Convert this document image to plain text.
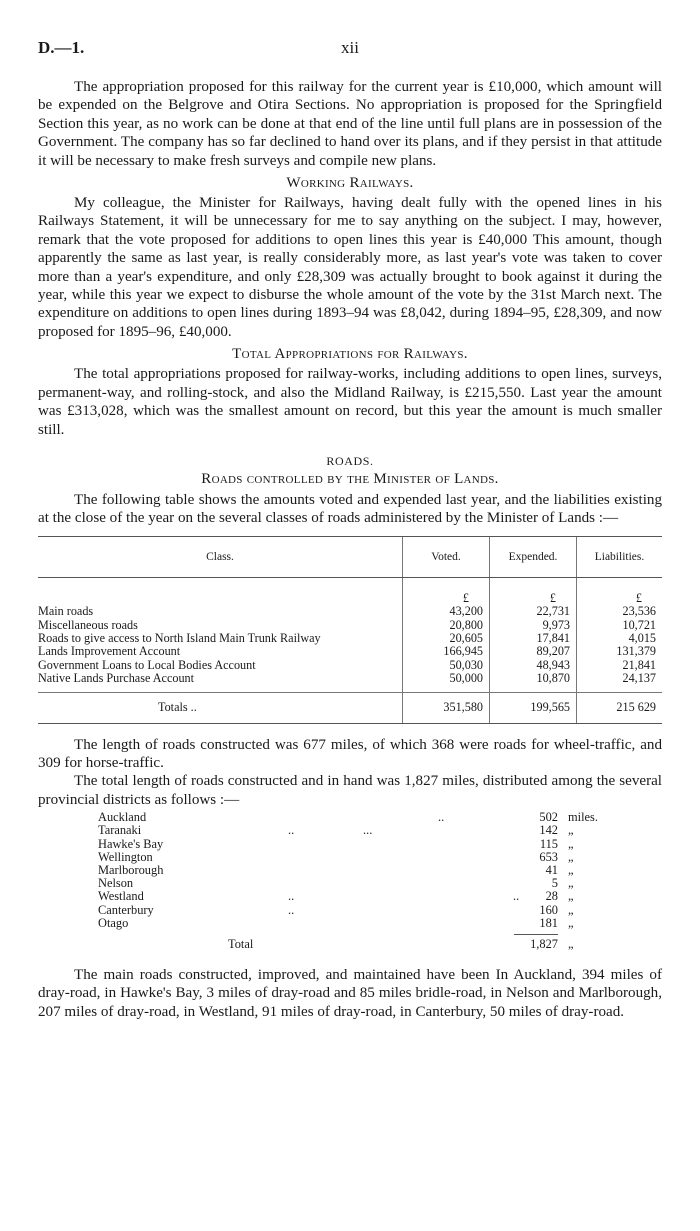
D.—1.	xii

The appropriation proposed for this railway for the current year is £10,000, which amount will be expended on the Belgrove and Otira Sections. No appropriation is proposed for the Springfield Section this year, as no work can be done at that end of the line until full plans are in possession of the Government. The company has so far declined to hand over its plans, and if they persist in that attitude it will be necessary to make fresh surveys and compile new plans.

Working Railways.

My colleague, the Minister for Railways, having dealt fully with the opened lines in his Railways Statement, it will be unnecessary for me to say anything on the subject. I may, however, remark that the vote proposed for additions to open lines this year is £40,000 This amount, though apparently the same as last year, is really considerably more, as last year's vote was taken to cover more than a year's expenditure, and only £28,309 was actually brought to book against it during the year, while this year we expect to disburse the whole amount of the vote by the 31st March next. The expenditure on additions to open lines during 1893–94 was £8,042, during 1894–95, £28,309, and now proposed for 1895–96, £40,000.

Total Appropriations for Railways.

The total appropriations proposed for railway-works, including additions to open lines, surveys, permanent-way, and rolling-stock, and also the Midland Railway, is £215,550. Last year the amount was £313,028, which was the smallest amount on record, but this year the amount is much smaller still.

ROADS.
Roads controlled by the Minister of Lands.

The following table shows the amounts voted and expended last year, and the liabilities existing at the close of the year on the several classes of roads administered by the Minister of Lands :—

Class.	Voted.	Expended.	Liabilities.
	£	£	£
Main roads	43,200	22,731	23,536
Miscellaneous roads	20,800	9,973	10,721
Roads to give access to North Island Main Trunk Railway	20,605	17,841	4,015
Lands Improvement Account	166,945	89,207	131,379
Government Loans to Local Bodies Account	50,030	48,943	21,841
Native Lands Purchase Account	50,000	10,870	24,137

Totals ..	351,580	199,565	215 629

The length of roads constructed was 677 miles, of which 368 were roads for wheel-traffic, and 309 for horse-traffic.

The total length of roads constructed and in hand was 1,827 miles, distributed among the several provincial districts as follows :—

Auckland	..	502 miles.
Taranaki	..	...	142 „
Hawke's Bay	115 „
Wellington	653 „
Marlborough	41 „
Nelson	5 „
Westland	..	..	28 „
Canterbury	..	160 „
Otago	181 „
Total	1,827 „

The main roads constructed, improved, and maintained have been In Auckland, 394 miles of dray-road, in Hawke's Bay, 3 miles of dray-road and 85 miles bridle-road, in Nelson and Marlborough, 207 miles of dray-road, in Westland, 91 miles of dray-road, in Canterbury, 50 miles of dray-road.
